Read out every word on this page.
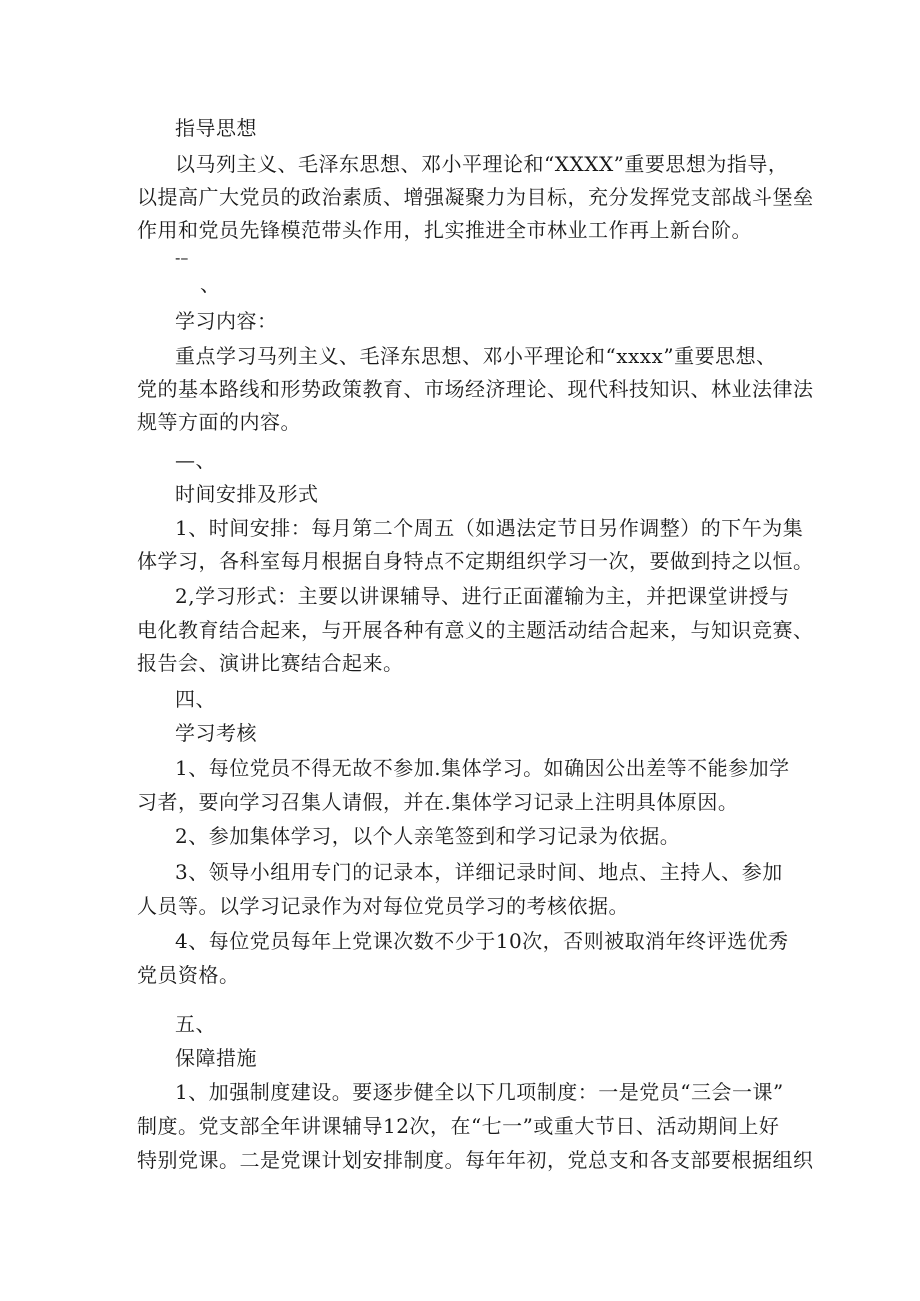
指导思想
以马列主义、毛泽东思想、邓小平理论和“XXXX”重要思想为指导，
以提高广大党员的政治素质、增强凝聚力为目标，充分发挥党支部战斗堡垒
作用和党员先锋模范带头作用，扎实推进全市林业工作再上新台阶。
-–
、
学习内容：
重点学习马列主义、毛泽东思想、邓小平理论和“xxxx”重要思想、
党的基本路线和形势政策教育、市场经济理论、现代科技知识、林业法律法
规等方面的内容。
—、
时间安排及形式
1、时间安排：每月第二个周五（如遇法定节日另作调整）的下午为集
体学习，各科室每月根据自身特点不定期组织学习一次，要做到持之以恒。
2,学习形式：主要以讲课辅导、进行正面灌输为主，并把课堂讲授与
电化教育结合起来，与开展各种有意义的主题活动结合起来，与知识竞赛、
报告会、演讲比赛结合起来。
四、
学习考核
1、每位党员不得无故不参加.集体学习。如确因公出差等不能参加学
习者，要向学习召集人请假，并在.集体学习记录上注明具体原因。
2、参加集体学习，以个人亲笔签到和学习记录为依据。
3、领导小组用专门的记录本，详细记录时间、地点、主持人、参加
人员等。以学习记录作为对每位党员学习的考核依据。
4、每位党员每年上党课次数不少于10次，否则被取消年终评选优秀
党员资格。
五、
保障措施
1、加强制度建设。要逐步健全以下几项制度：一是党员“三会一课”
制度。党支部全年讲课辅导12次，在“七一”或重大节日、活动期间上好
特别党课。二是党课计划安排制度。每年年初，党总支和各支部要根据组织
